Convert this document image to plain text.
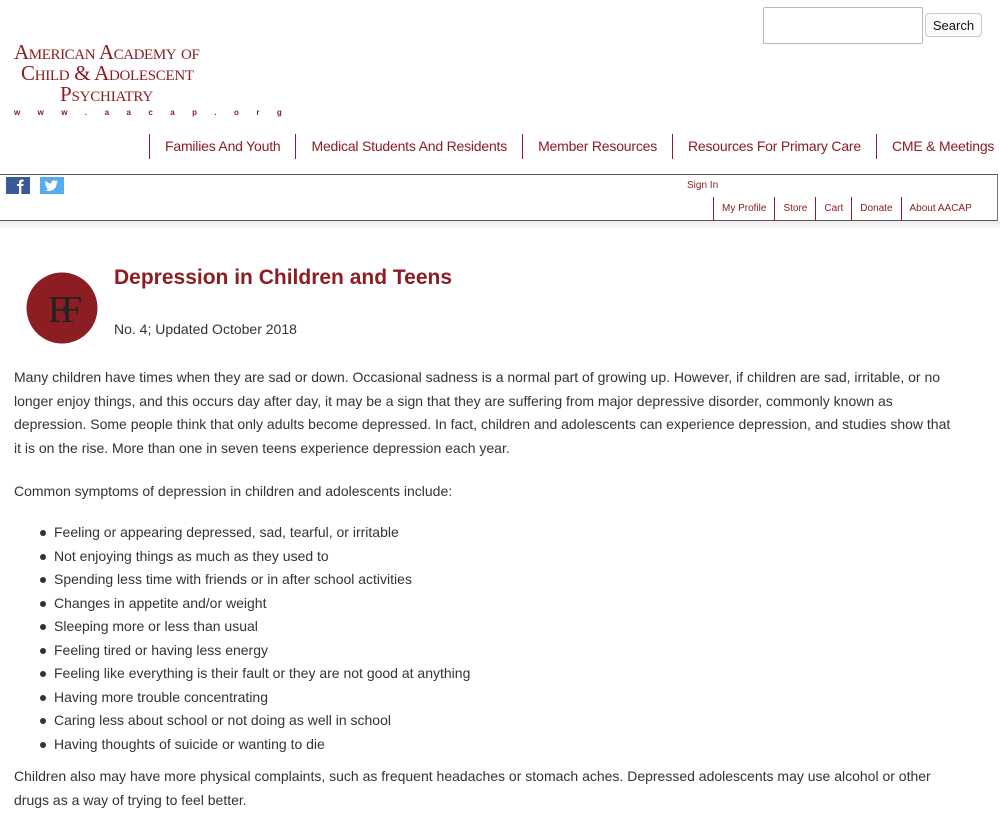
Search
American Academy of
Child & Adolescent
Psychiatry
w w w . a a c a p . o r g
Families And Youth	Medical Students And Residents	Member Resources	Resources For Primary Care	CME & Meetings
Sign In
My Profile	Store	Cart	Donate	About AACAP
FF
Depression in Children and Teens
No. 4; Updated October 2018

Many children have times when they are sad or down. Occasional sadness is a normal part of growing up. However, if children are sad, irritable, or no longer enjoy things, and this occurs day after day, it may be a sign that they are suffering from major depressive disorder, commonly known as depression. Some people think that only adults become depressed. In fact, children and adolescents can experience depression, and studies show that it is on the rise. More than one in seven teens experience depression each year.

Common symptoms of depression in children and adolescents include:

Feeling or appearing depressed, sad, tearful, or irritable
Not enjoying things as much as they used to
Spending less time with friends or in after school activities
Changes in appetite and/or weight
Sleeping more or less than usual
Feeling tired or having less energy
Feeling like everything is their fault or they are not good at anything
Having more trouble concentrating
Caring less about school or not doing as well in school
Having thoughts of suicide or wanting to die

Children also may have more physical complaints, such as frequent headaches or stomach aches. Depressed adolescents may use alcohol or other drugs as a way of trying to feel better.
